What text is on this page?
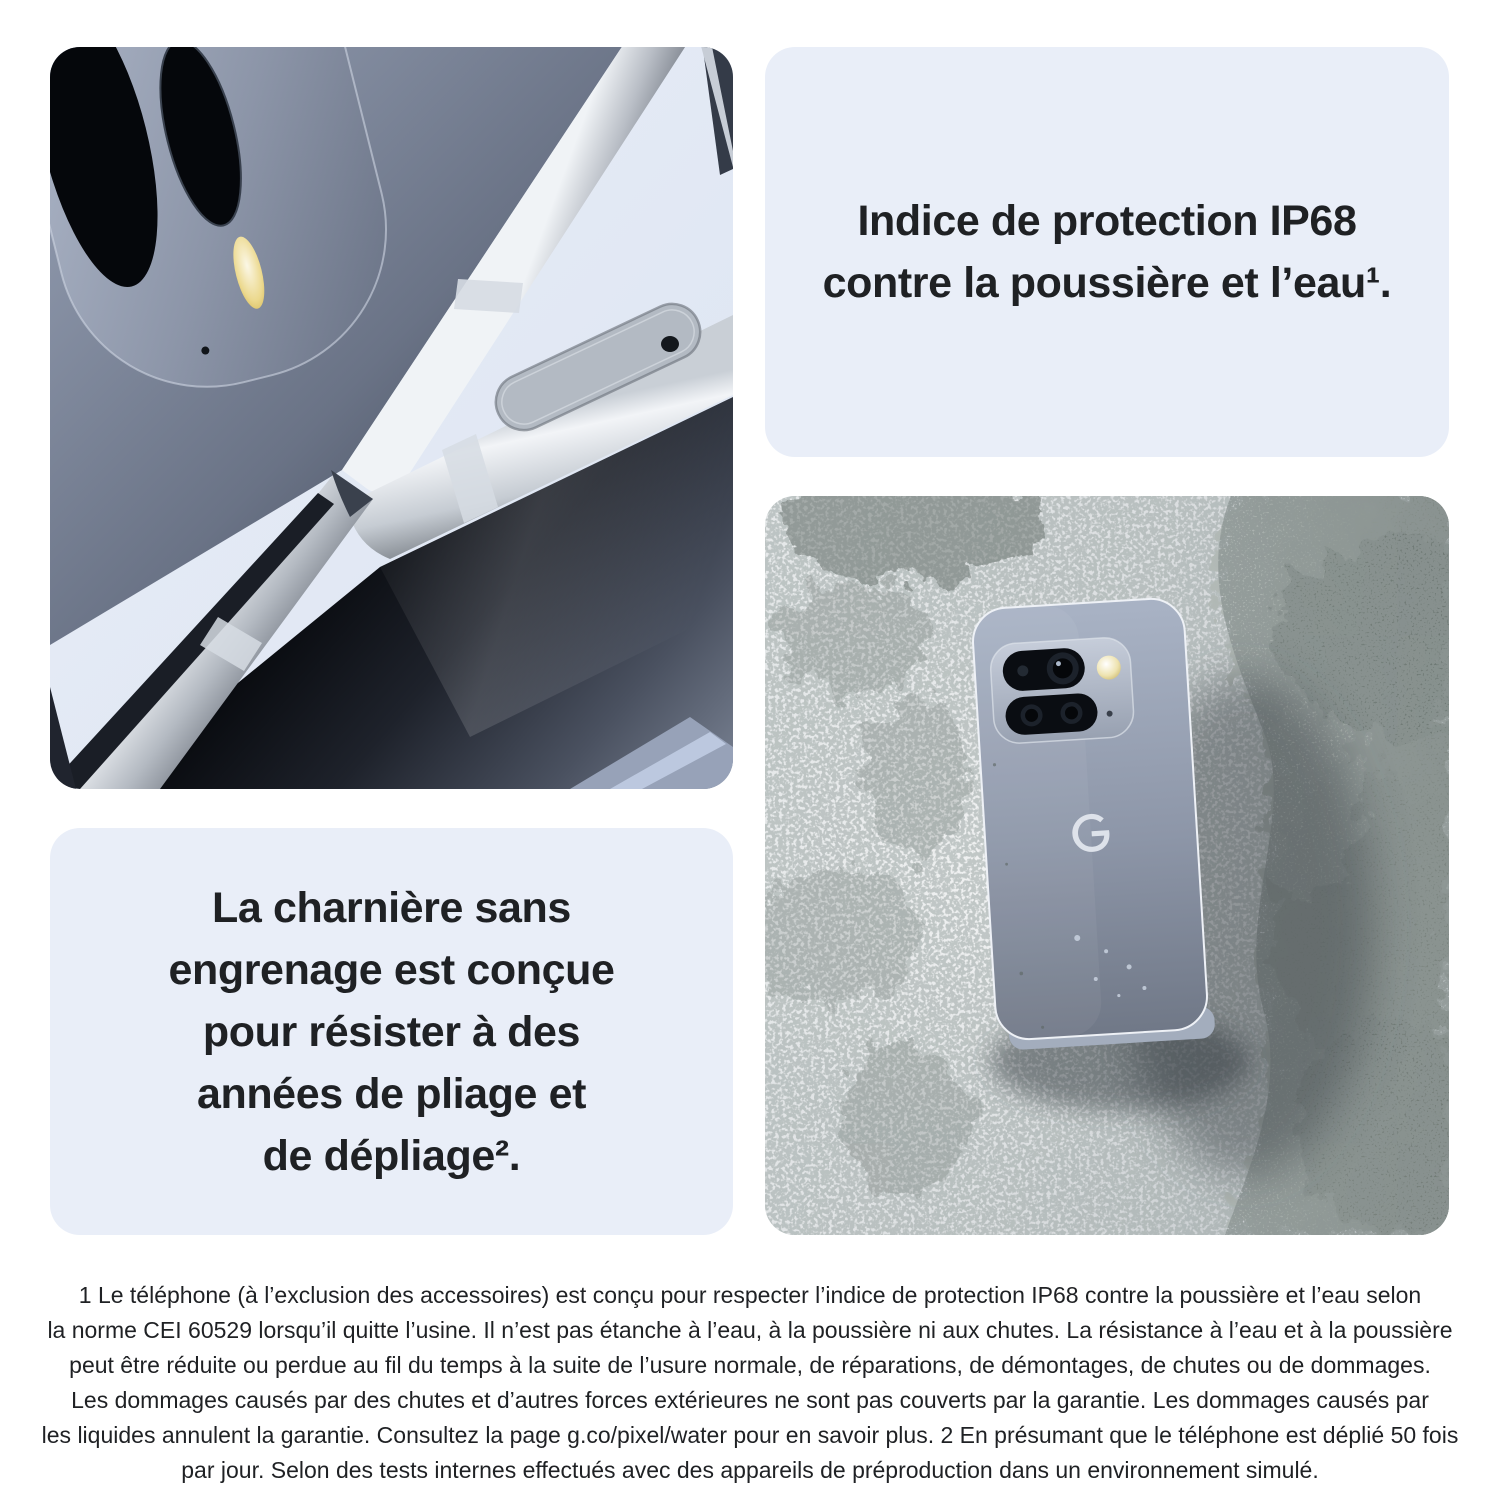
Indice de protection IP68
contre la poussière et l’eau¹.
La charnière sans
engrenage est conçue
pour résister à des
années de pliage et
de dépliage².
1 Le téléphone (à l’exclusion des accessoires) est conçu pour respecter l’indice de protection IP68 contre la poussière et l’eau selon
la norme CEI 60529 lorsqu’il quitte l’usine. Il n’est pas étanche à l’eau, à la poussière ni aux chutes. La résistance à l’eau et à la poussière
peut être réduite ou perdue au fil du temps à la suite de l’usure normale, de réparations, de démontages, de chutes ou de dommages.
Les dommages causés par des chutes et d’autres forces extérieures ne sont pas couverts par la garantie. Les dommages causés par
les liquides annulent la garantie. Consultez la page g.co/pixel/water pour en savoir plus. 2 En présumant que le téléphone est déplié 50 fois
par jour. Selon des tests internes effectués avec des appareils de préproduction dans un environnement simulé.
